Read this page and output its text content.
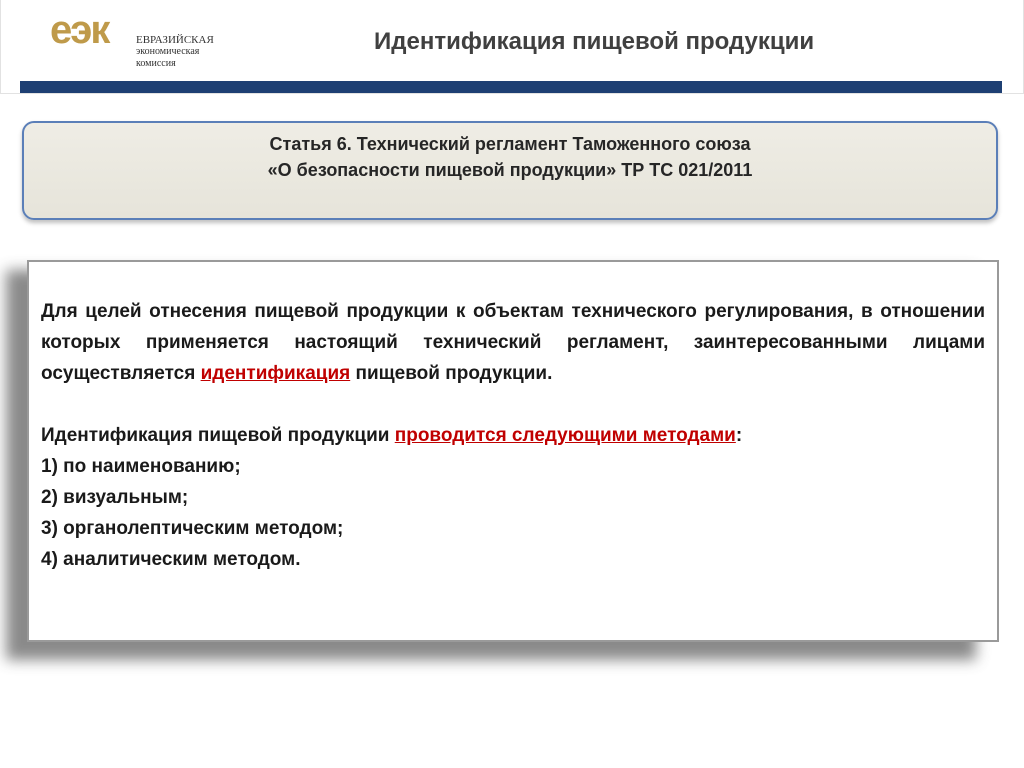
еэк	ЕВРАЗИЙСКАЯ
экономическая
комиссия
Идентификация пищевой продукции
Статья 6. Технический регламент Таможенного союза
«О безопасности пищевой продукции» ТР ТС 021/2011

Для целей отнесения пищевой продукции к объектам технического регулирования, в отношении которых применяется настоящий технический регламент, заинтересованными лицами осуществляется идентификация пищевой продукции.

Идентификация пищевой продукции проводится следующими методами:

1) по наименованию;

2) визуальным;

3) органолептическим методом;

4) аналитическим методом.
